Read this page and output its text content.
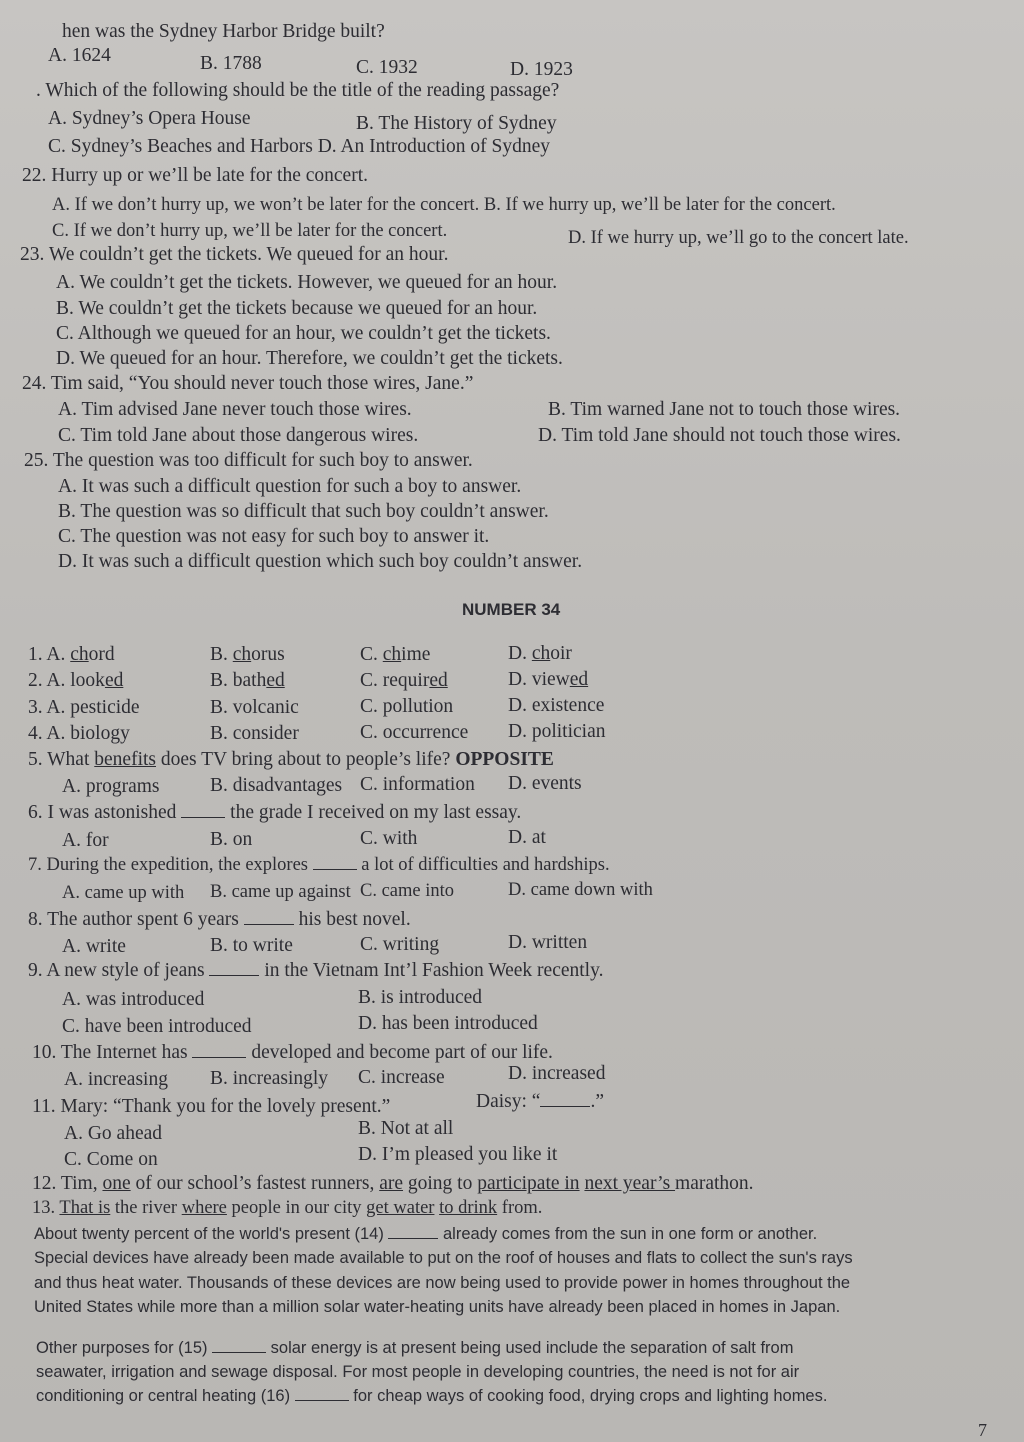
hen was the Sydney Harbor Bridge built?
A. 1624	B. 1788	C. 1932	D. 1923
. Which of the following should be the title of the reading passage?
A. Sydney’s Opera House	B. The History of Sydney
C. Sydney’s Beaches and Harbors D. An Introduction of Sydney
22. Hurry up or we’ll be late for the concert.
A. If we don’t hurry up, we won’t be later for the concert. B. If we hurry up, we’ll be later for the concert.
C. If we don’t hurry up, we’ll be later for the concert.	D. If we hurry up, we’ll go to the concert late.
23. We couldn’t get the tickets. We queued for an hour.
A. We couldn’t get the tickets. However, we queued for an hour.
B. We couldn’t get the tickets because we queued for an hour.
C. Although we queued for an hour, we couldn’t get the tickets.
D. We queued for an hour. Therefore, we couldn’t get the tickets.
24. Tim said, “You should never touch those wires, Jane.”
A. Tim advised Jane never touch those wires.	B. Tim warned Jane not to touch those wires.
C. Tim told Jane about those dangerous wires.	D. Tim told Jane should not touch those wires.
25. The question was too difficult for such boy to answer.
A. It was such a difficult question for such a boy to answer.
B. The question was so difficult that such boy couldn’t answer.
C. The question was not easy for such boy to answer it.
D. It was such a difficult question which such boy couldn’t answer.
NUMBER 34
1. A. chord	B. chorus	C. chime	D. choir
2. A. looked	B. bathed	C. required	D. viewed
3. A. pesticide	B. volcanic	C. pollution	D. existence
4. A. biology	B. consider	C. occurrence D. politician
5. What benefits does TV bring about to people’s life? OPPOSITE
A. programs	B. disadvantages C. information D. events
6. I was astonished  the grade I received on my last essay.
A. for	B. on	C. with	D. at
7. During the expedition, the explores  a lot of difficulties and hardships.
A. came up with B. came up against C. came into	D. came down with
8. The author spent 6 years	his best novel.
A. write	B. to write	C. writing	D. written
9. A new style of jeans	in the Vietnam Int’l Fashion Week recently.
A. was introduced	B. is introduced
C. have been introduced	D. has been introduced
10. The Internet has	developed and become part of our life.
A. increasing B. increasingly C. increase	D. increased
11. Mary: “Thank you for the lovely present.”	Daisy: “	.”
A. Go ahead	B. Not at all
C. Come on	D. I’m pleased you like it
12. Tim, one of our school’s fastest runners, are going to participate in next year’s marathon.
13. That is the river where people in our city get water to drink from.
About twenty percent of the world's present (14)	already comes from the sun in one form or another.
Special devices have already been made available to put on the roof of houses and flats to collect the sun's rays
and thus heat water. Thousands of these devices are now being used to provide power in homes throughout the
United States while more than a million solar water-heating units have already been placed in homes in Japan.
Other purposes for (15)	solar energy is at present being used include the separation of salt from
seawater, irrigation and sewage disposal. For most people in developing countries, the need is not for air
conditioning or central heating (16)	for cheap ways of cooking food, drying crops and lighting homes.
7
